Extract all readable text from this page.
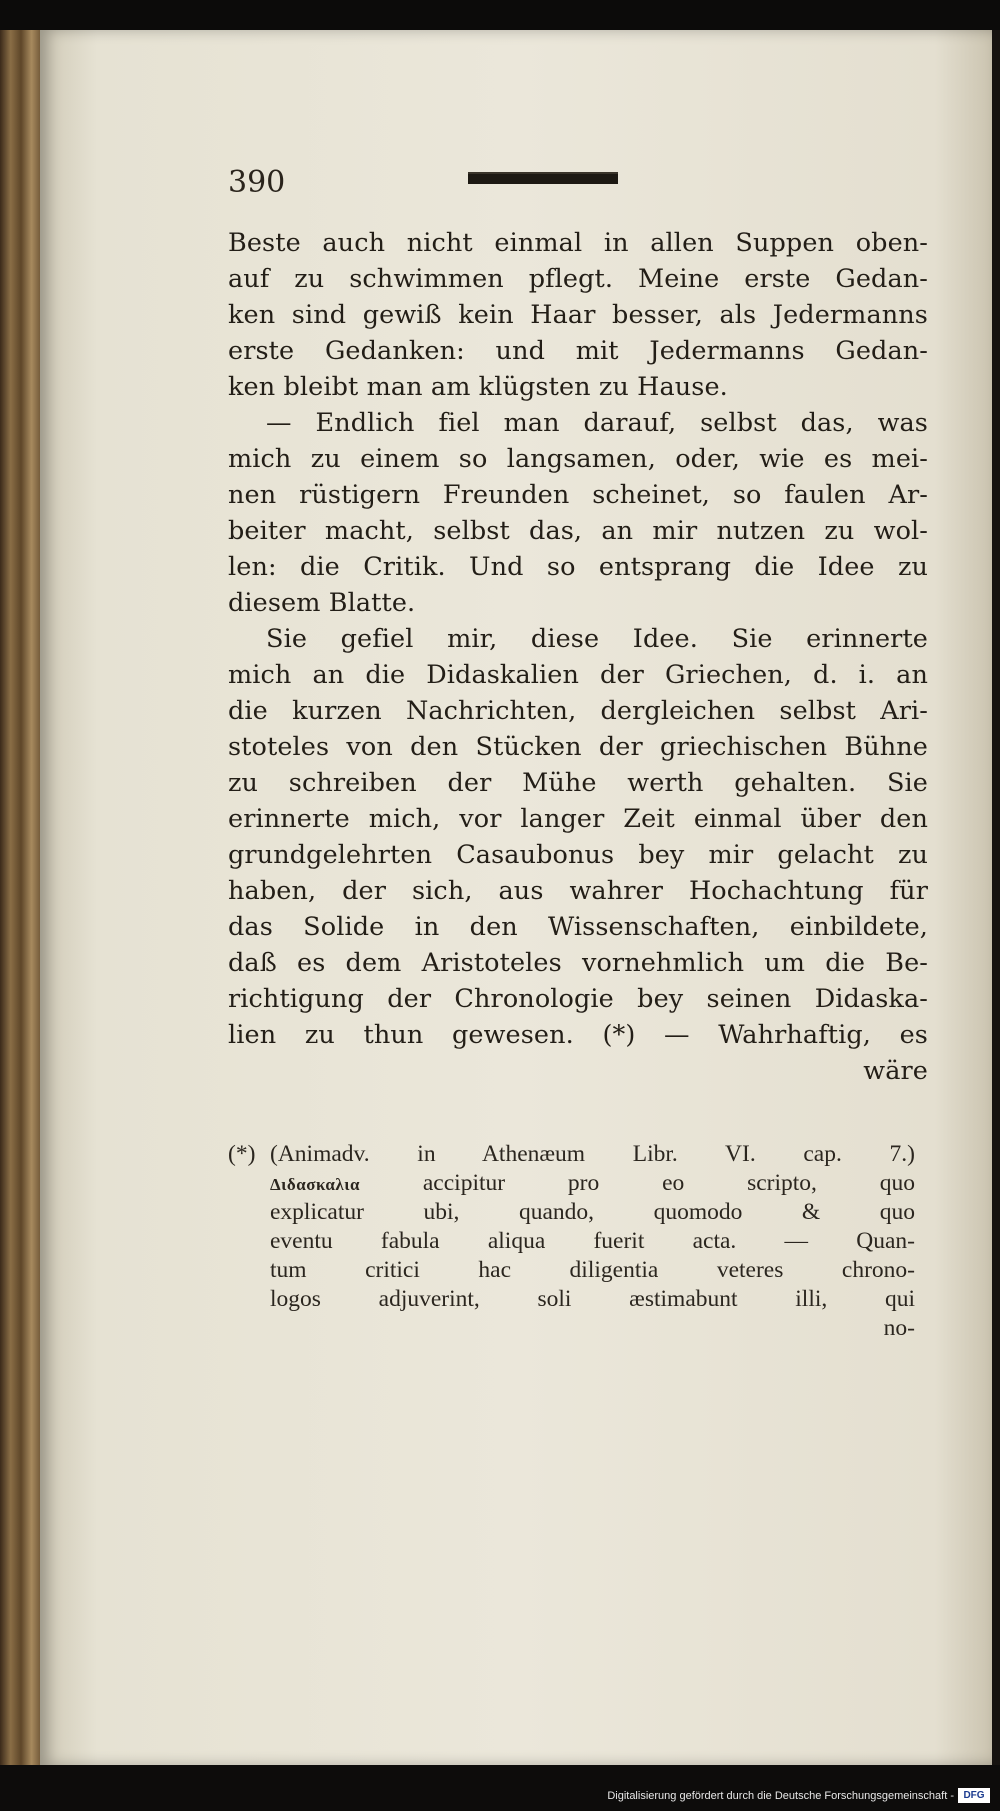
390
Beste auch nicht einmal in allen Suppen oben-
auf zu schwimmen pflegt. Meine erste Gedan-
ken sind gewiß kein Haar besser, als Jedermanns
erste Gedanken: und mit Jedermanns Gedan-
ken bleibt man am klügsten zu Hause.
— Endlich fiel man darauf, selbst das, was
mich zu einem so langsamen, oder, wie es mei-
nen rüstigern Freunden scheinet, so faulen Ar-
beiter macht, selbst das, an mir nutzen zu wol-
len: die Critik. Und so entsprang die Idee zu
diesem Blatte.
Sie gefiel mir, diese Idee. Sie erinnerte
mich an die Didaskalien der Griechen, d. i. an
die kurzen Nachrichten, dergleichen selbst Ari-
stoteles von den Stücken der griechischen Bühne
zu schreiben der Mühe werth gehalten. Sie
erinnerte mich, vor langer Zeit einmal über den
grundgelehrten Casaubonus bey mir gelacht zu
haben, der sich, aus wahrer Hochachtung für
das Solide in den Wissenschaften, einbildete,
daß es dem Aristoteles vornehmlich um die Be-
richtigung der Chronologie bey seinen Didaska-
lien zu thun gewesen. (*) — Wahrhaftig, es
wäre
(*) (Animadv. in Athenæum Libr. VI. cap. 7.)
Διδασκαλια accipitur pro eo scripto, quo
explicatur ubi, quando, quomodo & quo
eventu fabula aliqua fuerit acta. — Quan-
tum critici hac diligentia veteres chrono-
logos adjuverint, soli æstimabunt illi, qui
no-
Digitalisierung gefördert durch die Deutsche Forschungsgemeinschaft - DFG
